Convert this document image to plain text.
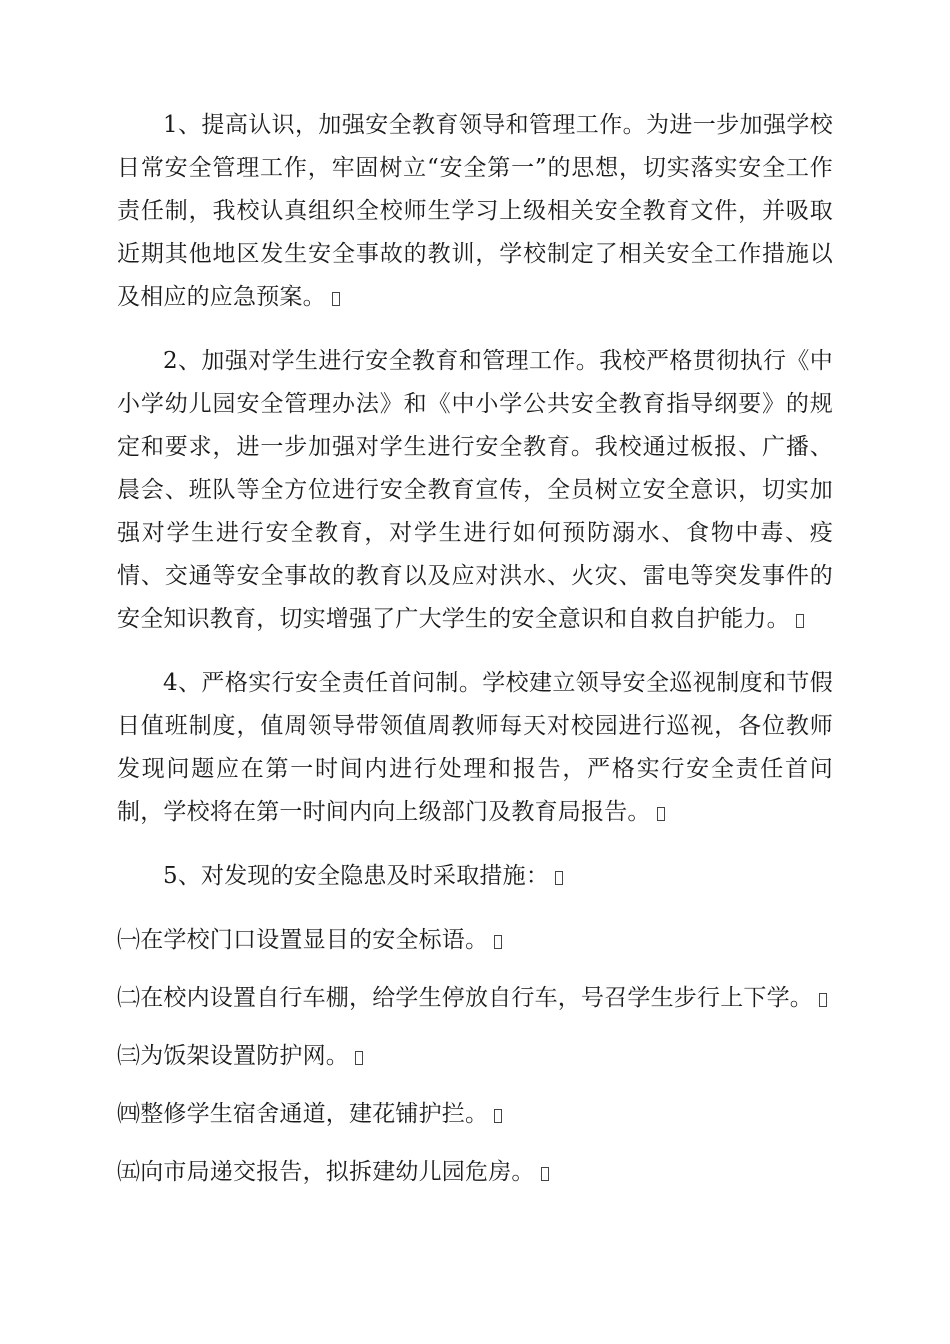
1、提高认识，加强安全教育领导和管理工作。为进一步加强学校日常安全管理工作，牢固树立“安全第一”的思想，切实落实安全工作责任制，我校认真组织全校师生学习上级相关安全教育文件，并吸取近期其他地区发生安全事故的教训，学校制定了相关安全工作措施以及相应的应急预案。

2、加强对学生进行安全教育和管理工作。我校严格贯彻执行《中小学幼儿园安全管理办法》和《中小学公共安全教育指导纲要》的规定和要求，进一步加强对学生进行安全教育。我校通过板报、广播、晨会、班队等全方位进行安全教育宣传，全员树立安全意识，切实加强对学生进行安全教育，对学生进行如何预防溺水、食物中毒、疫情、交通等安全事故的教育以及应对洪水、火灾、雷电等突发事件的安全知识教育，切实增强了广大学生的安全意识和自救自护能力。

4、严格实行安全责任首问制。学校建立领导安全巡视制度和节假日值班制度，值周领导带领值周教师每天对校园进行巡视，各位教师发现问题应在第一时间内进行处理和报告，严格实行安全责任首问制，学校将在第一时间内向上级部门及教育局报告。

5、对发现的安全隐患及时采取措施：

㈠在学校门口设置显目的安全标语。

㈡在校内设置自行车棚，给学生停放自行车，号召学生步行上下学。

㈢为饭架设置防护网。

㈣整修学生宿舍通道，建花铺护拦。

㈤向市局递交报告，拟拆建幼儿园危房。
